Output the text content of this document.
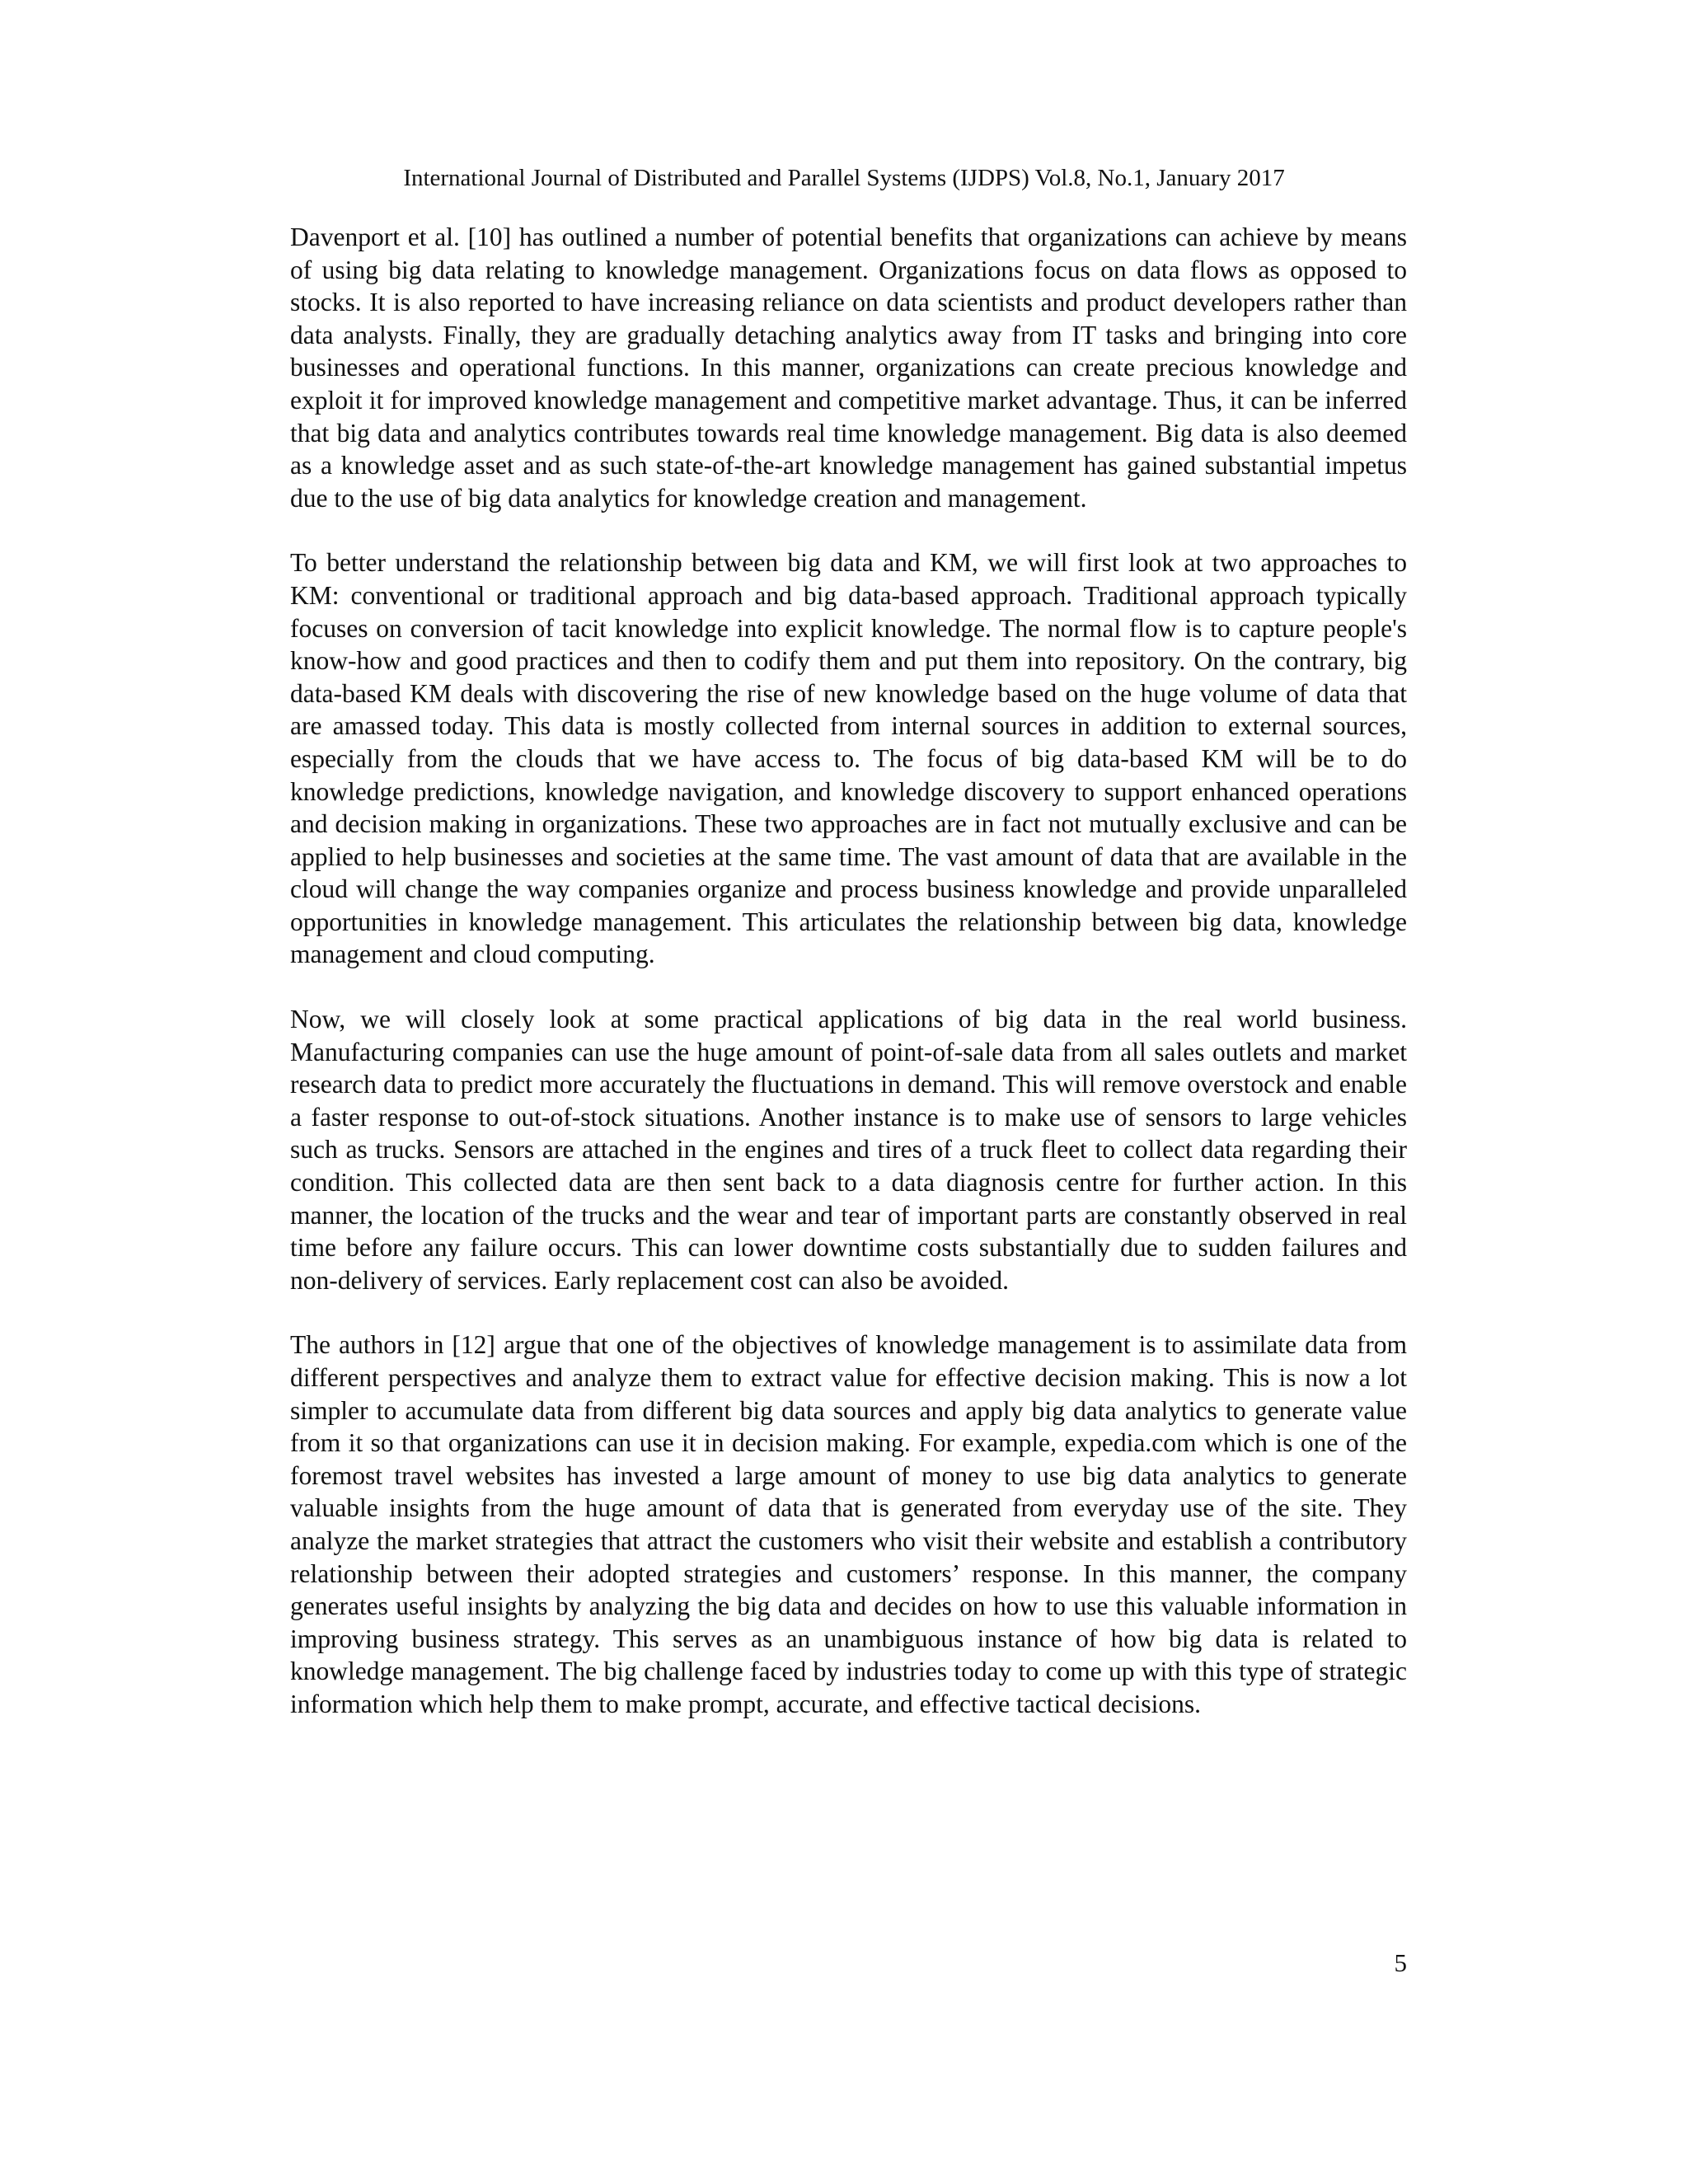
International Journal of Distributed and Parallel Systems (IJDPS) Vol.8, No.1, January 2017

Davenport et al. [10] has outlined a number of potential benefits that organizations can achieve by means of using big data relating to knowledge management. Organizations focus on data flows as opposed to stocks. It is also reported to have increasing reliance on data scientists and product developers rather than data analysts. Finally, they are gradually detaching analytics away from IT tasks and bringing into core businesses and operational functions. In this manner, organizations can create precious knowledge and exploit it for improved knowledge management and competitive market advantage. Thus, it can be inferred that big data and analytics contributes towards real time knowledge management. Big data is also deemed as a knowledge asset and as such state-of-the-art knowledge management has gained substantial impetus due to the use of big data analytics for knowledge creation and management.

To better understand the relationship between big data and KM, we will first look at two approaches to KM: conventional or traditional approach and big data-based approach. Traditional approach typically focuses on conversion of tacit knowledge into explicit knowledge. The normal flow is to capture people's know-how and good practices and then to codify them and put them into repository. On the contrary, big data-based KM deals with discovering the rise of new knowledge based on the huge volume of data that are amassed today. This data is mostly collected from internal sources in addition to external sources, especially from the clouds that we have access to. The focus of big data-based KM will be to do knowledge predictions, knowledge navigation, and knowledge discovery to support enhanced operations and decision making in organizations. These two approaches are in fact not mutually exclusive and can be applied to help businesses and societies at the same time. The vast amount of data that are available in the cloud will change the way companies organize and process business knowledge and provide unparalleled opportunities in knowledge management. This articulates the relationship between big data, knowledge management and cloud computing.

Now, we will closely look at some practical applications of big data in the real world business. Manufacturing companies can use the huge amount of point-of-sale data from all sales outlets and market research data to predict more accurately the fluctuations in demand. This will remove overstock and enable a faster response to out-of-stock situations. Another instance is to make use of sensors to large vehicles such as trucks. Sensors are attached in the engines and tires of a truck fleet to collect data regarding their condition. This collected data are then sent back to a data diagnosis centre for further action. In this manner, the location of the trucks and the wear and tear of important parts are constantly observed in real time before any failure occurs. This can lower downtime costs substantially due to sudden failures and non-delivery of services. Early replacement cost can also be avoided.

The authors in [12] argue that one of the objectives of knowledge management is to assimilate data from different perspectives and analyze them to extract value for effective decision making. This is now a lot simpler to accumulate data from different big data sources and apply big data analytics to generate value from it so that organizations can use it in decision making. For example, expedia.com which is one of the foremost travel websites has invested a large amount of money to use big data analytics to generate valuable insights from the huge amount of data that is generated from everyday use of the site. They analyze the market strategies that attract the customers who visit their website and establish a contributory relationship between their adopted strategies and customers’ response. In this manner, the company generates useful insights by analyzing the big data and decides on how to use this valuable information in improving business strategy. This serves as an unambiguous instance of how big data is related to knowledge management. The big challenge faced by industries today to come up with this type of strategic information which help them to make prompt, accurate, and effective tactical decisions.

5
